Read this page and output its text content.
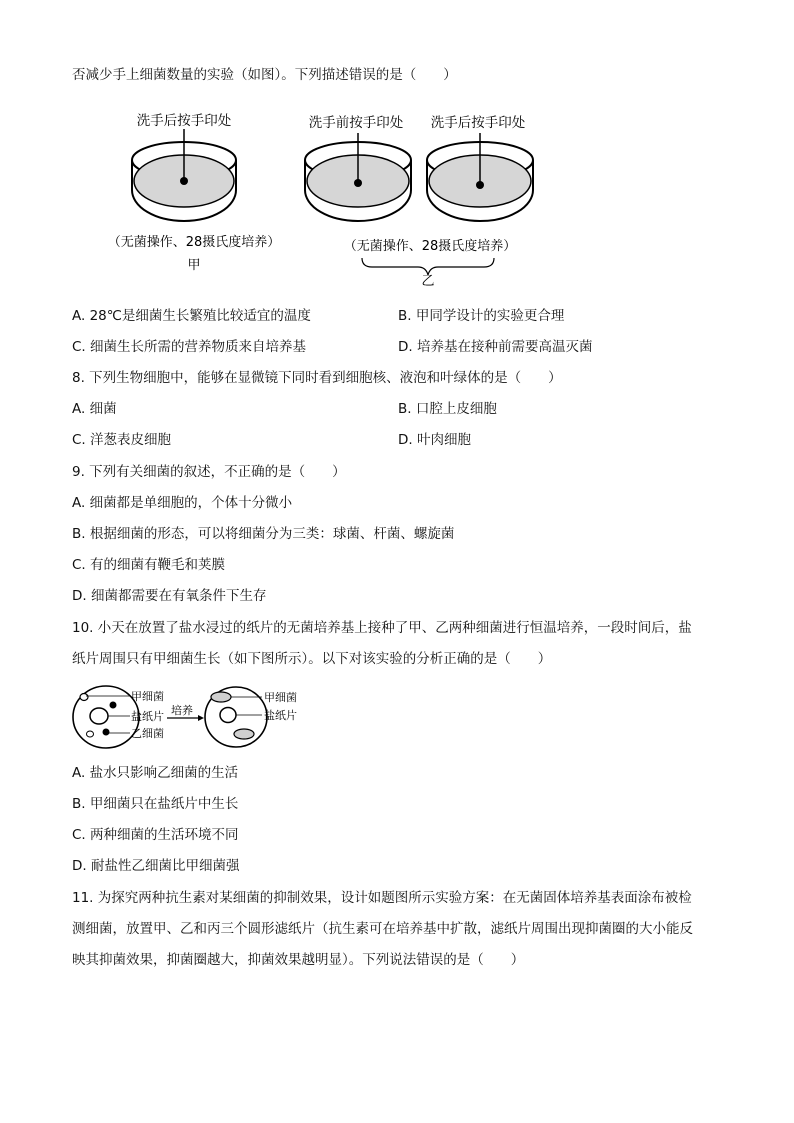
否减少手上细菌数量的实验（如图）。下列描述错误的是（　　）
洗手后按手印处
（无菌操作、28摄氏度培养）
甲
洗手前按手印处 洗手后按手印处
（无菌操作、28摄氏度培养）
乙
A. 28℃是细菌生长繁殖比较适宜的温度	B. 甲同学设计的实验更合理
C. 细菌生长所需的营养物质来自培养基	D. 培养基在接种前需要高温灭菌
8. 下列生物细胞中，能够在显微镜下同时看到细胞核、液泡和叶绿体的是（　　）
A. 细菌	B. 口腔上皮细胞
C. 洋葱表皮细胞	D. 叶肉细胞
9. 下列有关细菌的叙述，不正确的是（　　）
A. 细菌都是单细胞的，个体十分微小
B. 根据细菌的形态，可以将细菌分为三类：球菌、杆菌、螺旋菌
C. 有的细菌有鞭毛和荚膜
D. 细菌都需要在有氧条件下生存
10. 小天在放置了盐水浸过的纸片的无菌培养基上接种了甲、乙两种细菌进行恒温培养，一段时间后，盐
纸片周围只有甲细菌生长（如下图所示）。以下对该实验的分析正确的是（　　）
甲细菌
盐纸片
乙细菌
培养
甲细菌
盐纸片
A. 盐水只影响乙细菌的生活
B. 甲细菌只在盐纸片中生长
C. 两种细菌的生活环境不同
D. 耐盐性乙细菌比甲细菌强
11. 为探究两种抗生素对某细菌的抑制效果，设计如题图所示实验方案：在无菌固体培养基表面涂布被检
测细菌，放置甲、乙和丙三个圆形滤纸片（抗生素可在培养基中扩散，滤纸片周围出现抑菌圈的大小能反
映其抑菌效果，抑菌圈越大，抑菌效果越明显）。下列说法错误的是（　　）
